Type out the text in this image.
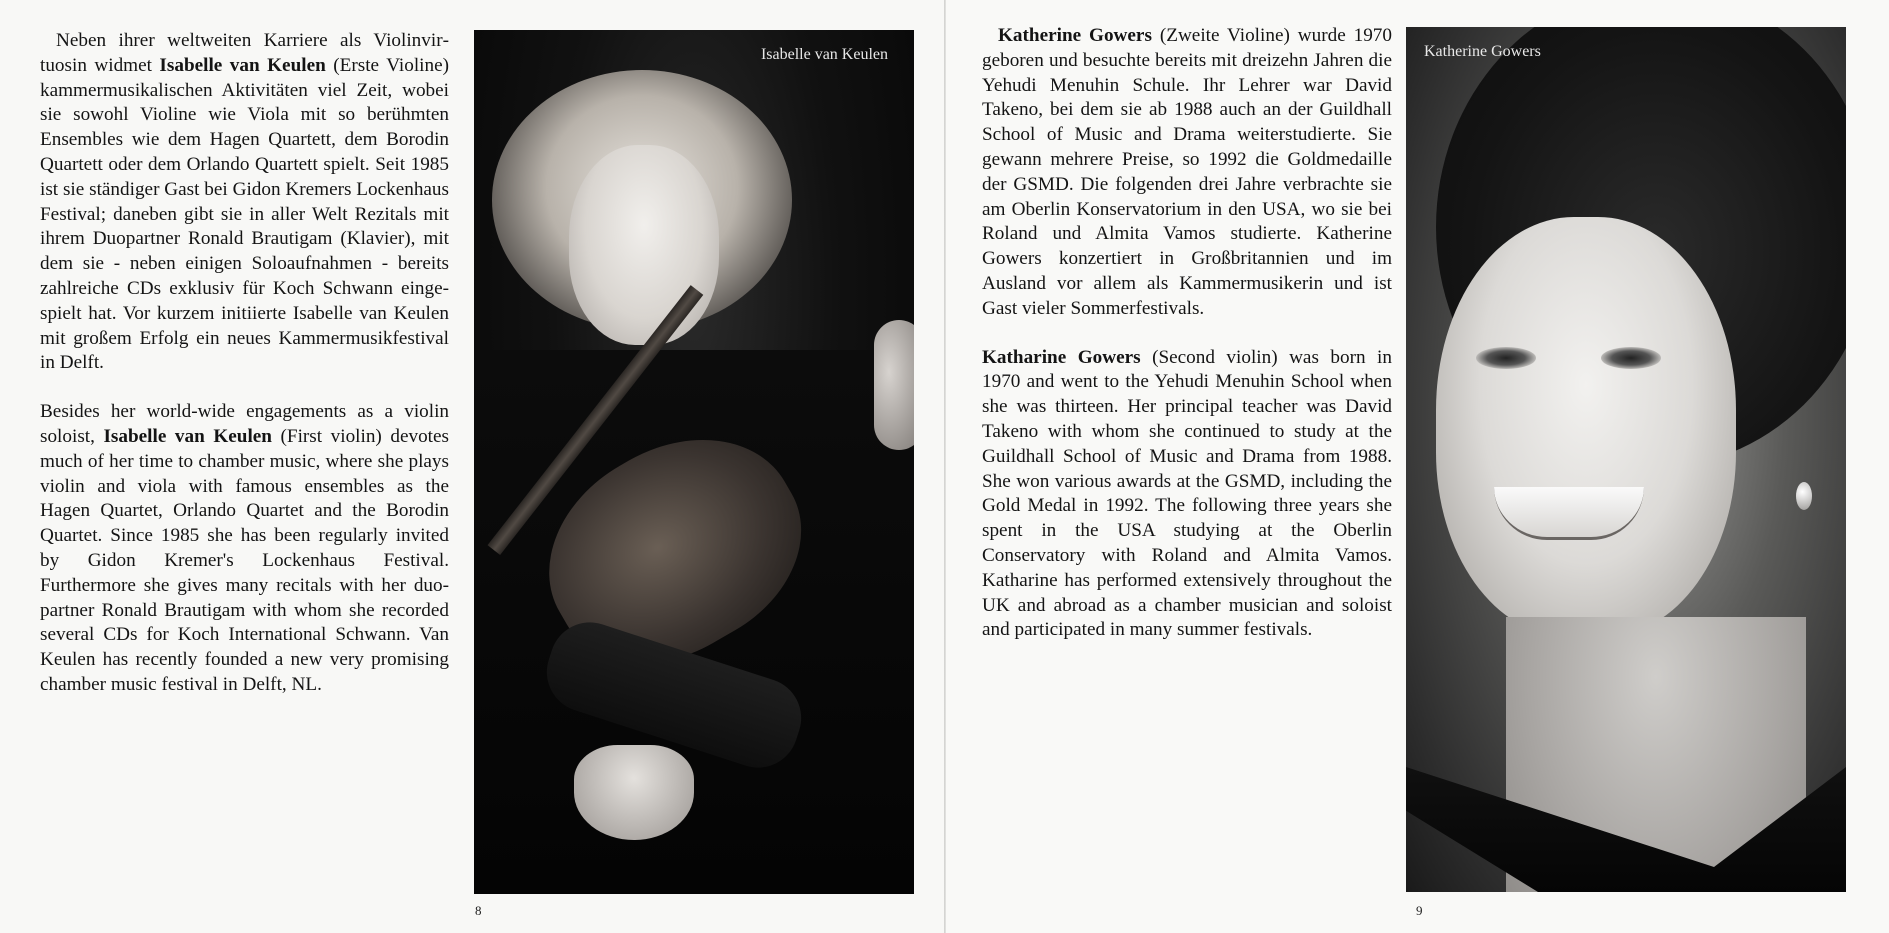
Neben ihrer weltweiten Karriere als Violinvirtuosin widmet Isabelle van Keulen (Erste Violine) kammermusikalischen Aktivitäten viel Zeit, wobei sie sowohl Violine wie Viola mit so berühmten Ensembles wie dem Hagen Quartett, dem Borodin Quartett oder dem Orlando Quartett spielt. Seit 1985 ist sie ständiger Gast bei Gidon Kremers Lockenhaus Festival; daneben gibt sie in aller Welt Rezitals mit ihrem Duopartner Ronald Brautigam (Klavier), mit dem sie - neben einigen Soloaufnahmen - bereits zahlreiche CDs exklusiv für Koch Schwann eingespielt hat. Vor kurzem initiierte Isabelle van Keulen mit großem Erfolg ein neues Kammermusikfestival in Delft.

Besides her world-wide engagements as a violin soloist, Isabelle van Keulen (First violin) devotes much of her time to chamber music, where she plays violin and viola with famous ensembles as the Hagen Quartet, Orlando Quartet and the Borodin Quartet. Since 1985 she has been regularly invited by Gidon Kremer's Lockenhaus Festival. Furthermore she gives many recitals with her duo-partner Ronald Brautigam with whom she recorded several CDs for Koch International Schwann. Van Keulen has recently founded a new very promising chamber music festival in Delft, NL.

Isabelle van Keulen
8

Katherine Gowers (Zweite Violine) wurde 1970 geboren und besuchte bereits mit dreizehn Jahren die Yehudi Menuhin Schule. Ihr Lehrer war David Takeno, bei dem sie ab 1988 auch an der Guildhall School of Music and Drama weiterstudierte. Sie gewann mehrere Preise, so 1992 die Goldmedaille der GSMD. Die folgenden drei Jahre verbrachte sie am Oberlin Konservatorium in den USA, wo sie bei Roland und Almita Vamos studierte. Katherine Gowers konzertiert in Großbritannien und im Ausland vor allem als Kammermusikerin und ist Gast vieler Sommerfestivals.

Katharine Gowers (Second violin) was born in 1970 and went to the Yehudi Menuhin School when she was thirteen. Her principal teacher was David Takeno with whom she continued to study at the Guildhall School of Music and Drama from 1988. She won various awards at the GSMD, including the Gold Medal in 1992. The following three years she spent in the USA studying at the Oberlin Conservatory with Roland and Almita Vamos. Katharine has performed extensively throughout the UK and abroad as a chamber musician and soloist and participated in many summer festivals.

Katherine Gowers
9
